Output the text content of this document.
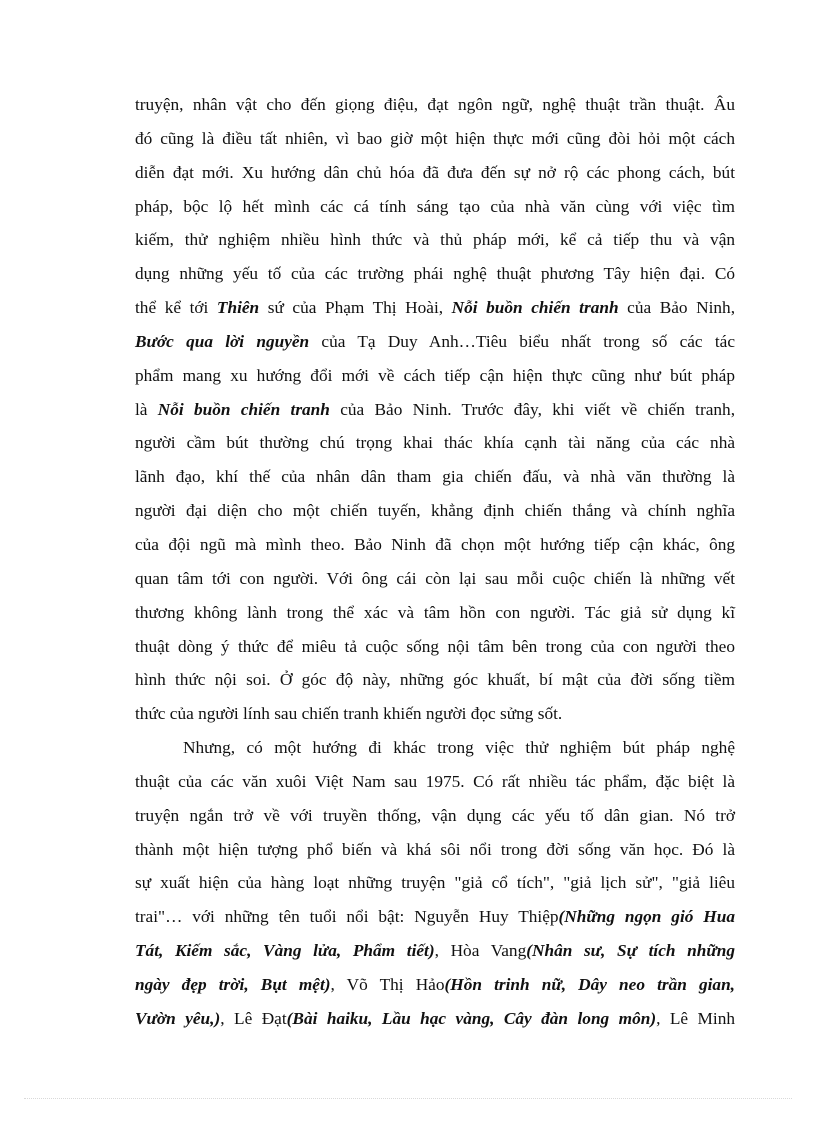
truyện, nhân vật cho đến giọng điệu, đạt ngôn ngữ, nghệ thuật trần thuật. Âu
đó cũng là điều tất nhiên, vì bao giờ một hiện thực mới cũng đòi hỏi một cách
diễn đạt mới. Xu hướng dân chủ hóa đã đưa đến sự nở rộ các phong cách, bút
pháp, bộc lộ hết mình các cá tính sáng tạo của nhà văn cùng với việc tìm
kiếm, thử nghiệm nhiều hình thức và thủ pháp mới, kể cả tiếp thu và vận
dụng những yếu tố của các trường phái nghệ thuật phương Tây hiện đại. Có
thể kể tới Thiên sứ của Phạm Thị Hoài, Nỗi buồn chiến tranh của Bảo Ninh,
Bước qua lời nguyền của Tạ Duy Anh…Tiêu biểu nhất trong số các tác
phẩm mang xu hướng đổi mới về cách tiếp cận hiện thực cũng như bút pháp
là Nỗi buồn chiến tranh của Bảo Ninh. Trước đây, khi viết về chiến tranh,
người cầm bút thường chú trọng khai thác khía cạnh tài năng của các nhà
lãnh đạo, khí thế của nhân dân tham gia chiến đấu, và nhà văn thường là
người đại diện cho một chiến tuyến, khẳng định chiến thắng và chính nghĩa
của đội ngũ mà mình theo. Bảo Ninh đã chọn một hướng tiếp cận khác, ông
quan tâm tới con người. Với ông cái còn lại sau mỗi cuộc chiến là những vết
thương không lành trong thể xác và tâm hồn con người. Tác giả sử dụng kĩ
thuật dòng ý thức để miêu tả cuộc sống nội tâm bên trong của con người theo
hình thức nội soi. Ở góc độ này, những góc khuất, bí mật của đời sống tiềm
thức của người lính sau chiến tranh khiến người đọc sửng sốt.
Nhưng, có một hướng đi khác trong việc thử nghiệm bút pháp nghệ
thuật của các văn xuôi Việt Nam sau 1975. Có rất nhiều tác phẩm, đặc biệt là
truyện ngắn trở về với truyền thống, vận dụng các yếu tố dân gian. Nó trở
thành một hiện tượng phổ biến và khá sôi nổi trong đời sống văn học. Đó là
sự xuất hiện của hàng loạt những truyện "giả cổ tích", "giả lịch sử", "giả liêu
trai"… với những tên tuổi nổi bật: Nguyễn Huy Thiệp(Những ngọn gió Hua
Tát, Kiếm sắc, Vàng lửa, Phẩm tiết), Hòa Vang(Nhân sư, Sự tích những
ngày đẹp trời, Bụt mệt), Võ Thị Hảo(Hồn trinh nữ, Dây neo trần gian,
Vườn yêu,), Lê Đạt(Bài haiku, Lầu hạc vàng, Cây đàn long môn), Lê Minh
